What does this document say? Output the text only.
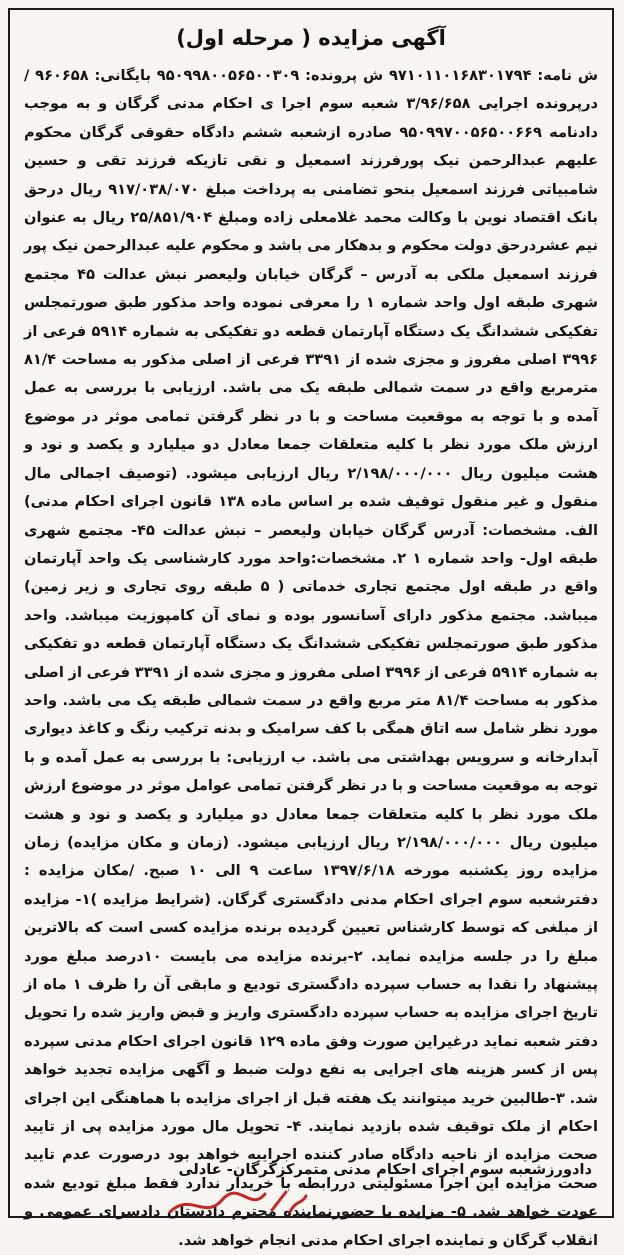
آگهی مزایده ( مرحله اول)
ش نامه: ۹۷۱۰۱۱۰۱۶۸۳۰۱۷۹۴ ش پرونده: ۹۵۰۹۹۸۰۰۵۶۵۰۰۳۰۹ بایگانی: ۹۶۰۶۵۸ / درپرونده اجرایی ۳/۹۶/۶۵۸ شعبه سوم اجرا ی احکام مدنی گرگان و به موجب دادنامه ۹۵۰۹۹۷۰۰۵۶۵۰۰۶۶۹ صادره ازشعبه ششم دادگاه حقوقی گرگان محکوم علیهم عبدالرحمن نیک پورفرزند اسمعیل و نقی تازیکه فرزند تقی و حسین شامبیاتی فرزند اسمعیل بنحو تضامنی به پرداخت مبلغ ۹۱۷/۰۳۸/۰۷۰ ریال درحق بانک اقتصاد نوین با وکالت محمد غلامعلی زاده ومبلغ ۲۵/۸۵۱/۹۰۴ ریال به عنوان نیم عشردرحق دولت محکوم و بدهکار می باشد و محکوم علیه عبدالرحمن نیک پور فرزند اسمعیل ملکی به آدرس – گرگان خیابان ولیعصر نبش عدالت ۴۵ مجتمع شهری طبقه اول واحد شماره ۱ را معرفی نموده واحد مذکور طبق صورتمجلس تفکیکی ششدانگ یک دستگاه آپارتمان قطعه دو تفکیکی به شماره ۵۹۱۴ فرعی از ۳۹۹۶ اصلی مفروز و مجزی شده از ۳۳۹۱ فرعی از اصلی مذکور به مساحت ۸۱/۴ مترمربع واقع در سمت شمالی طبقه یک می باشد. ارزیابی با بررسی به عمل آمده و با توجه به موقعیت مساحت و با در نظر گرفتن تمامی موثر در موضوع ارزش ملک مورد نظر با کلیه متعلقات جمعا معادل دو میلیارد و یکصد و نود و هشت میلیون ریال ۲/۱۹۸/۰۰۰/۰۰۰ ریال ارزیابی میشود. (توصیف اجمالی مال منقول و غیر منقول توقیف شده بر اساس ماده ۱۳۸ قانون اجرای احکام مدنی) الف. مشخصات: آدرس گرگان خیابان ولیعصر – نبش عدالت ۴۵- مجتمع شهری طبقه اول- واحد شماره ۱ ۲. مشخصات:واحد مورد کارشناسی یک واحد آپارتمان واقع در طبقه اول مجتمع تجاری خدماتی ( ۵ طبقه روی تجاری و زیر زمین) میباشد. مجتمع مذکور دارای آسانسور بوده و نمای آن کامپوزیت میباشد. واحد مذکور طبق صورتمجلس تفکیکی ششدانگ یک دستگاه آپارتمان قطعه دو تفکیکی به شماره ۵۹۱۴ فرعی از ۳۹۹۶ اصلی مفروز و مجزی شده از ۳۳۹۱ فرعی از اصلی مذکور به مساحت ۸۱/۴ متر مربع واقع در سمت شمالی طبقه یک می باشد. واحد مورد نظر شامل سه اتاق همگی با کف سرامیک و بدنه ترکیب رنگ و کاغذ دیواری آبدارخانه و سرویس بهداشتی می باشد. ب ارزیابی: با بررسی به عمل آمده و با توجه به موقعیت مساحت و با در نظر گرفتن تمامی عوامل موثر در موضوع ارزش ملک مورد نظر با کلیه متعلقات جمعا معادل دو میلیارد و یکصد و نود و هشت میلیون ریال ۲/۱۹۸/۰۰۰/۰۰۰ ریال ارزیابی میشود. (زمان و مکان مزایده) زمان مزایده روز یکشنبه مورخه ۱۳۹۷/۶/۱۸ ساعت ۹ الی ۱۰ صبح. /مکان مزایده : دفترشعبه سوم اجرای احکام مدنی دادگستری گرگان. (شرایط مزایده )۱- مزایده از مبلغی که توسط کارشناس تعیین گردیده برنده مزایده کسی است که بالاترین مبلغ را در جلسه مزایده نماید. ۲-برنده مزایده می بایست ۱۰درصد مبلغ مورد پیشنهاد را نقدا به حساب سپرده دادگستری تودیع و مابقی آن را ظرف ۱ ماه از تاریخ اجرای مزایده به حساب سپرده دادگستری واریز و قبض واریز شده را تحویل دفتر شعبه نماید درغیراین صورت وفق ماده ۱۲۹ قانون اجرای احکام مدنی سپرده پس از کسر هزینه های اجرایی به نفع دولت ضبط و آگهی مزایده تجدید خواهد شد. ۳-طالبین خرید میتوانند یک هفته قبل از اجرای مزایده با هماهنگی این اجرای احکام از ملک توقیف شده بازدید نمایند. ۴- تحویل مال مورد مزایده پی از تایید صحت مزایده از ناحیه دادگاه صادر کننده اجراییه خواهد بود درصورت عدم تایید صحت مزایده این اجرا مسئولیتی دررابطه با خریدار ندارد فقط مبلغ تودیع شده عودت خواهد شد. ۵- مزایده با حضورنماینده محترم دادستان دادسرای عمومی و انقلاب گرگان و نماینده اجرای احکام مدنی انجام خواهد شد.
دادورزشعبه سوم اجرای احکام مدنی متمرکزگرگان- عادلی
